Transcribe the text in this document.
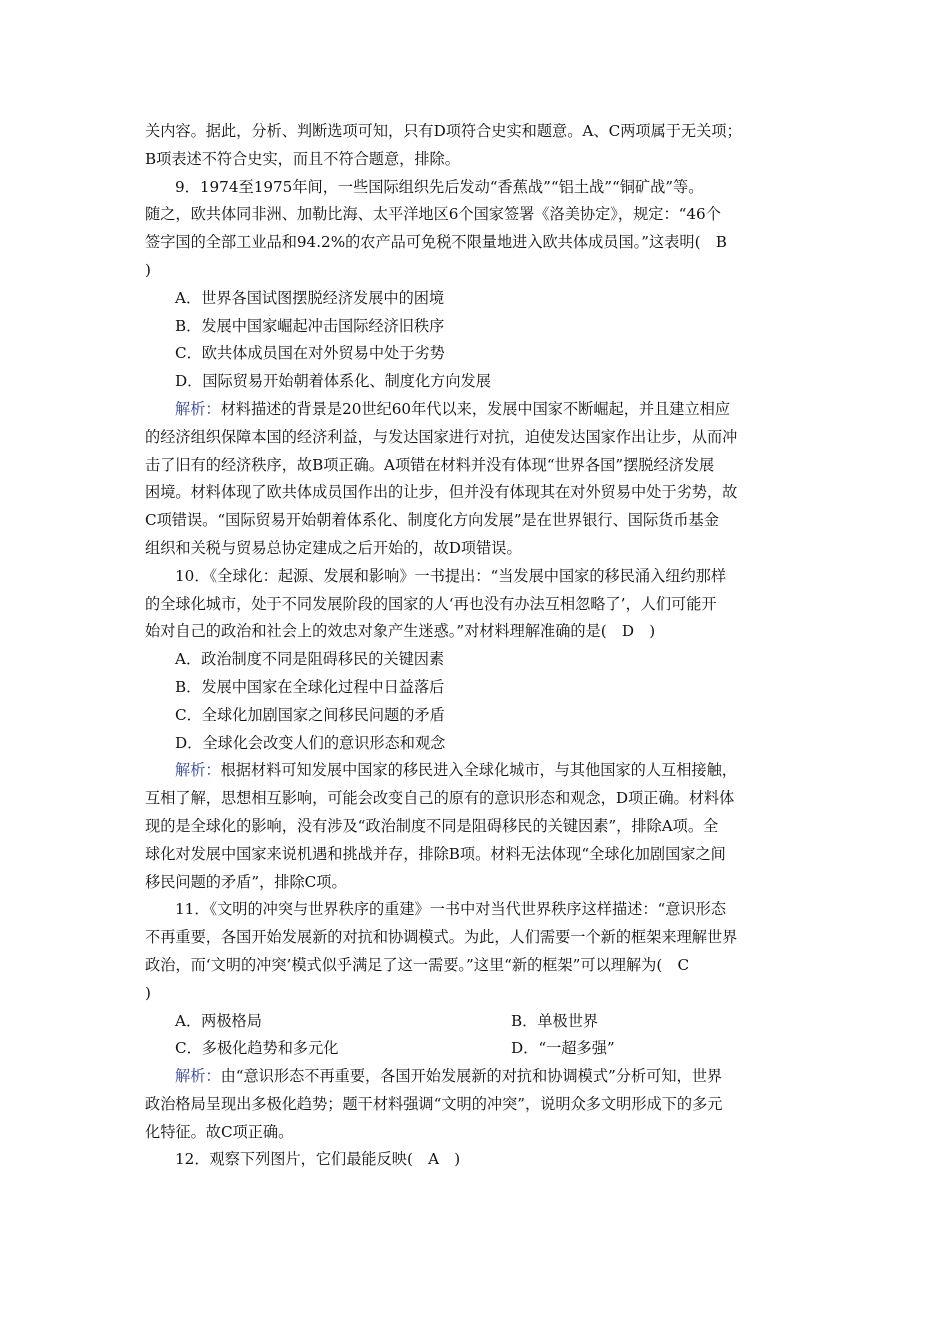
关内容。据此，分析、判断选项可知，只有D项符合史实和题意。A、C两项属于无关项；
B项表述不符合史实，而且不符合题意，排除。
9．1974至1975年间，一些国际组织先后发动“香蕉战”“铝土战”“铜矿战”等。
随之，欧共体同非洲、加勒比海、太平洋地区6个国家签署《洛美协定》，规定：“46个
签字国的全部工业品和94.2%的农产品可免税不限量地进入欧共体成员国。”这表明(　B
)
A．世界各国试图摆脱经济发展中的困境
B．发展中国家崛起冲击国际经济旧秩序
C．欧共体成员国在对外贸易中处于劣势
D．国际贸易开始朝着体系化、制度化方向发展
解析：材料描述的背景是20世纪60年代以来，发展中国家不断崛起，并且建立相应
的经济组织保障本国的经济利益，与发达国家进行对抗，迫使发达国家作出让步，从而冲
击了旧有的经济秩序，故B项正确。A项错在材料并没有体现“世界各国”摆脱经济发展
困境。材料体现了欧共体成员国作出的让步，但并没有体现其在对外贸易中处于劣势，故
C项错误。“国际贸易开始朝着体系化、制度化方向发展”是在世界银行、国际货币基金
组织和关税与贸易总协定建成之后开始的，故D项错误。
10．《全球化：起源、发展和影响》一书提出：“当发展中国家的移民涌入纽约那样
的全球化城市，处于不同发展阶段的国家的人‘再也没有办法互相忽略了’，人们可能开
始对自己的政治和社会上的效忠对象产生迷惑。”对材料理解准确的是(　D　)
A．政治制度不同是阻碍移民的关键因素
B．发展中国家在全球化过程中日益落后
C．全球化加剧国家之间移民问题的矛盾
D．全球化会改变人们的意识形态和观念
解析：根据材料可知发展中国家的移民进入全球化城市，与其他国家的人互相接触，
互相了解，思想相互影响，可能会改变自己的原有的意识形态和观念，D项正确。材料体
现的是全球化的影响，没有涉及“政治制度不同是阻碍移民的关键因素”，排除A项。全
球化对发展中国家来说机遇和挑战并存，排除B项。材料无法体现“全球化加剧国家之间
移民问题的矛盾”，排除C项。
11．《文明的冲突与世界秩序的重建》一书中对当代世界秩序这样描述：“意识形态
不再重要，各国开始发展新的对抗和协调模式。为此，人们需要一个新的框架来理解世界
政治，而‘文明的冲突’模式似乎满足了这一需要。”这里“新的框架”可以理解为(　C
)
A．两极格局	B．单极世界
C．多极化趋势和多元化	D．“一超多强”
解析：由“意识形态不再重要，各国开始发展新的对抗和协调模式”分析可知，世界
政治格局呈现出多极化趋势；题干材料强调“文明的冲突”，说明众多文明形成下的多元
化特征。故C项正确。
12．观察下列图片，它们最能反映(　A　)
